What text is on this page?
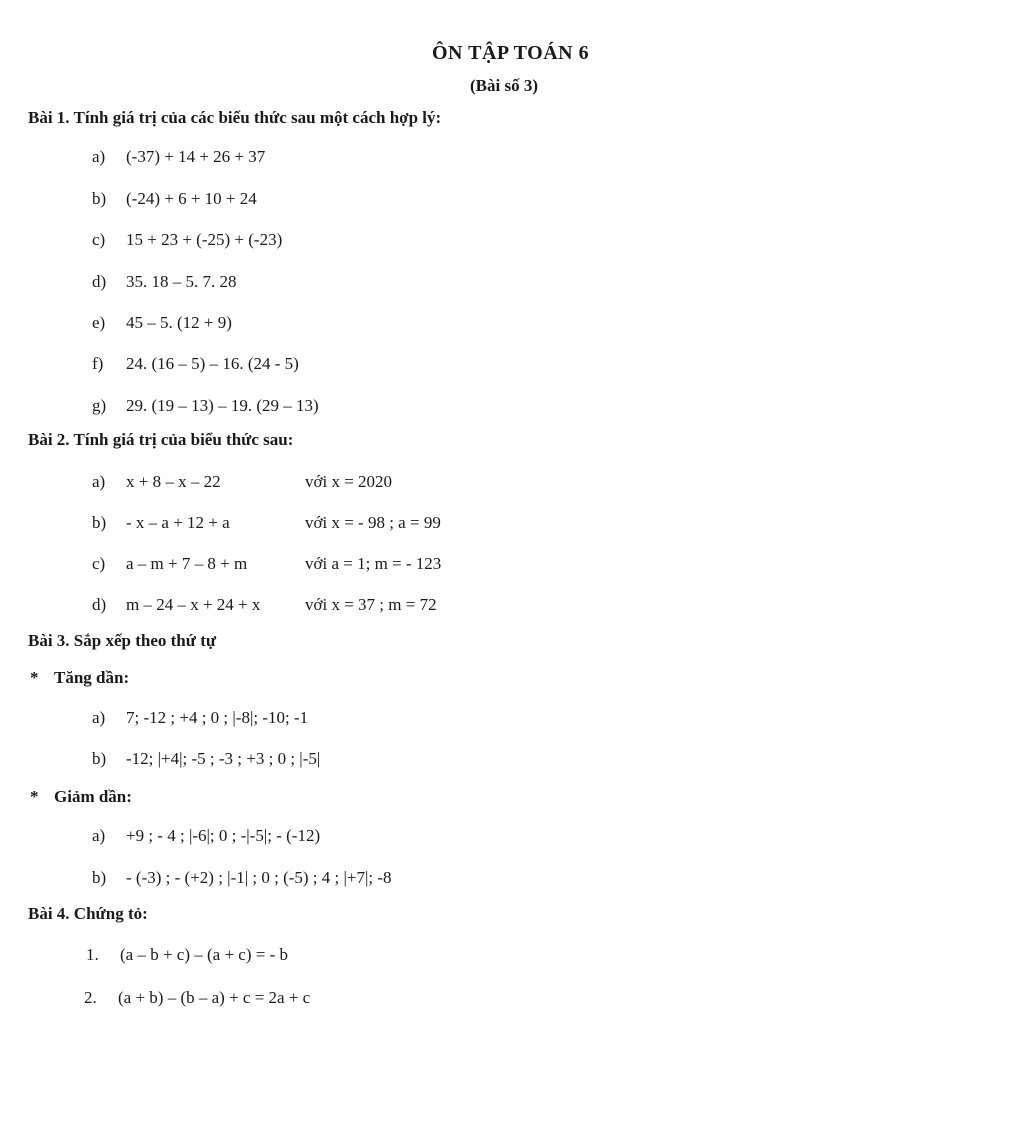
ÔN TẬP TOÁN 6
(Bài số 3)
Bài 1. Tính giá trị của các biểu thức sau một cách hợp lý:
a) (-37) + 14 + 26 + 37
b) (-24) + 6 + 10 + 24
c) 15 + 23 + (-25) + (-23)
d) 35. 18 – 5. 7. 28
e) 45 – 5. (12 + 9)
f) 24. (16 – 5) – 16. (24 - 5)
g) 29. (19 – 13) – 19. (29 – 13)
Bài 2. Tính giá trị của biểu thức sau:
a) x + 8 – x – 22	với x = 2020
b) - x – a + 12 + a	với x = - 98 ; a = 99
c) a – m + 7 – 8 + m	với a = 1; m = - 123
d) m – 24 – x + 24 + x	với x = 37 ; m = 72
Bài 3. Sắp xếp theo thứ tự
* Tăng dần:
a) 7; -12 ; +4 ; 0 ; |-8|; -10; -1
b) -12; |+4|; -5 ; -3 ; +3 ; 0 ; |-5|
* Giảm dần:
a) +9 ; - 4 ; |-6|; 0 ; -|-5|; - (-12)
b) - (-3) ; - (+2) ; |-1| ; 0 ; (-5) ; 4 ; |+7|; -8
Bài 4. Chứng tỏ:
1. (a – b + c) – (a + c) = - b
2. (a + b) – (b – a) + c = 2a + c
